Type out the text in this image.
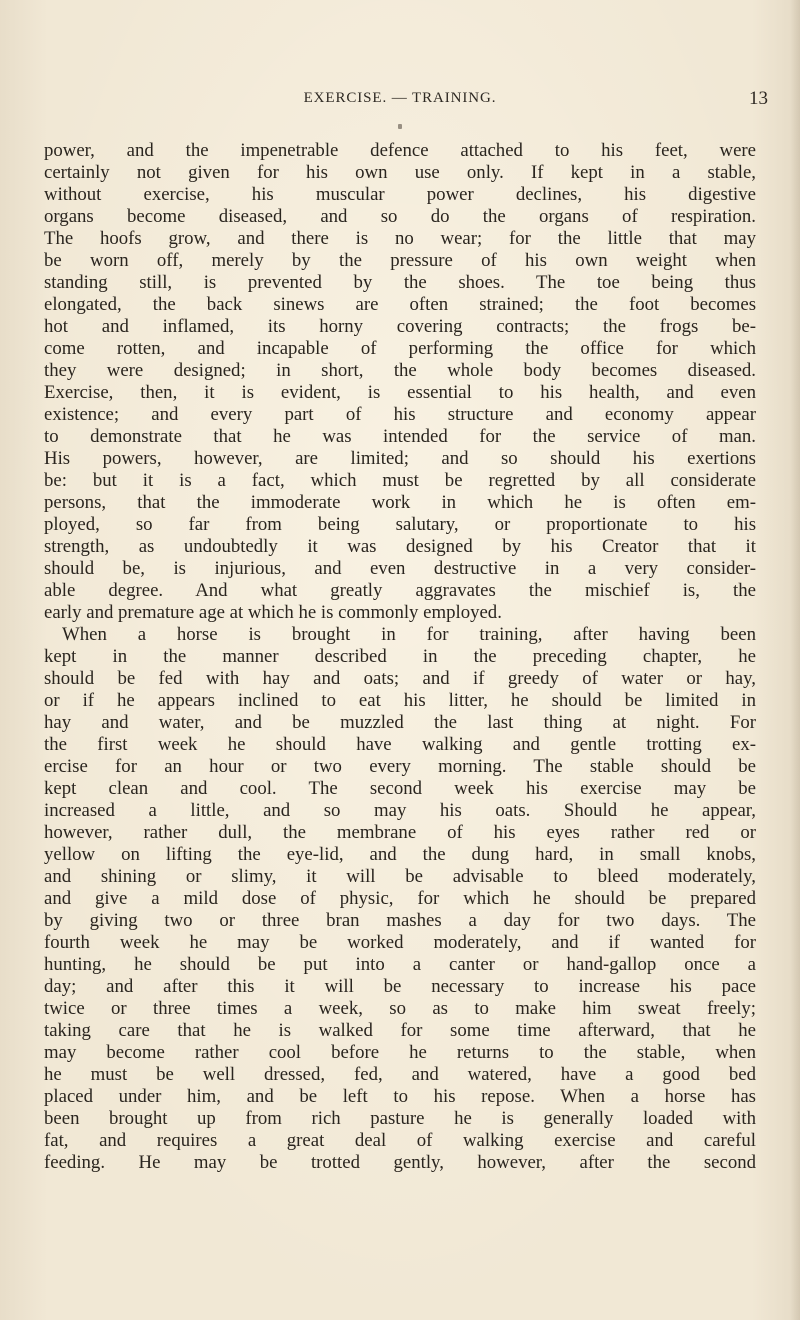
EXERCISE. — TRAINING.	13
power, and the impenetrable defence attached to his feet, were
certainly not given for his own use only. If kept in a stable,
without exercise, his muscular power declines, his digestive
organs become diseased, and so do the organs of respiration.
The hoofs grow, and there is no wear; for the little that may
be worn off, merely by the pressure of his own weight when
standing still, is prevented by the shoes. The toe being thus
elongated, the back sinews are often strained; the foot becomes
hot and inflamed, its horny covering contracts; the frogs be-
come rotten, and incapable of performing the office for which
they were designed; in short, the whole body becomes diseased.
Exercise, then, it is evident, is essential to his health, and even
existence; and every part of his structure and economy appear
to demonstrate that he was intended for the service of man.
His powers, however, are limited; and so should his exertions
be: but it is a fact, which must be regretted by all considerate
persons, that the immoderate work in which he is often em-
ployed, so far from being salutary, or proportionate to his
strength, as undoubtedly it was designed by his Creator that it
should be, is injurious, and even destructive in a very consider-
able degree. And what greatly aggravates the mischief is, the
early and premature age at which he is commonly employed.
When a horse is brought in for training, after having been
kept in the manner described in the preceding chapter, he
should be fed with hay and oats; and if greedy of water or hay,
or if he appears inclined to eat his litter, he should be limited in
hay and water, and be muzzled the last thing at night. For
the first week he should have walking and gentle trotting ex-
ercise for an hour or two every morning. The stable should be
kept clean and cool. The second week his exercise may be
increased a little, and so may his oats. Should he appear,
however, rather dull, the membrane of his eyes rather red or
yellow on lifting the eye-lid, and the dung hard, in small knobs,
and shining or slimy, it will be advisable to bleed moderately,
and give a mild dose of physic, for which he should be prepared
by giving two or three bran mashes a day for two days. The
fourth week he may be worked moderately, and if wanted for
hunting, he should be put into a canter or hand-gallop once a
day; and after this it will be necessary to increase his pace
twice or three times a week, so as to make him sweat freely;
taking care that he is walked for some time afterward, that he
may become rather cool before he returns to the stable, when
he must be well dressed, fed, and watered, have a good bed
placed under him, and be left to his repose. When a horse has
been brought up from rich pasture he is generally loaded with
fat, and requires a great deal of walking exercise and careful
feeding. He may be trotted gently, however, after the second
